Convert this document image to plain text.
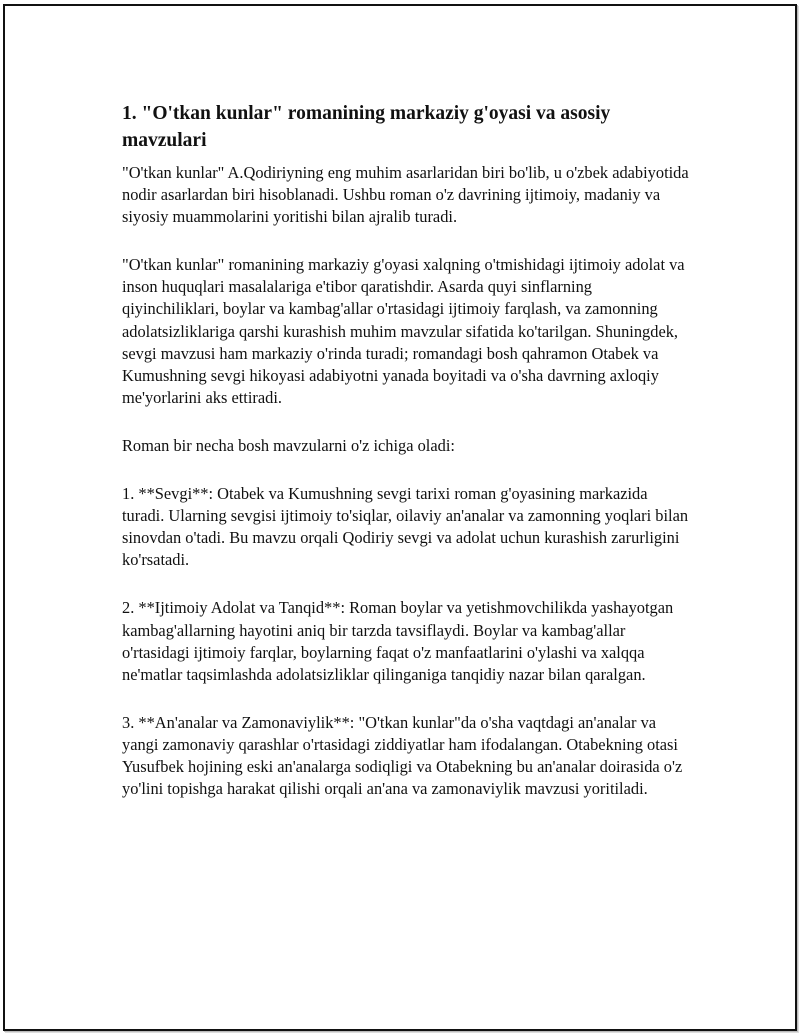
1. "O'tkan kunlar" romanining markaziy g'oyasi va asosiy mavzulari

"O'tkan kunlar" A.Qodiriyning eng muhim asarlaridan biri bo'lib, u o'zbek adabiyotida nodir asarlardan biri hisoblanadi. Ushbu roman o'z davrining ijtimoiy, madaniy va siyosiy muammolarini yoritishi bilan ajralib turadi.

"O'tkan kunlar" romanining markaziy g'oyasi xalqning o'tmishidagi ijtimoiy adolat va inson huquqlari masalalariga e'tibor qaratishdir. Asarda quyi sinflarning qiyinchiliklari, boylar va kambag'allar o'rtasidagi ijtimoiy farqlash, va zamonning adolatsizliklariga qarshi kurashish muhim mavzular sifatida ko'tarilgan. Shuningdek, sevgi mavzusi ham markaziy o'rinda turadi; romandagi bosh qahramon Otabek va Kumushning sevgi hikoyasi adabiyotni yanada boyitadi va o'sha davrning axloqiy me'yorlarini aks ettiradi.

Roman bir necha bosh mavzularni o'z ichiga oladi:

1. **Sevgi**: Otabek va Kumushning sevgi tarixi roman g'oyasining markazida turadi. Ularning sevgisi ijtimoiy to'siqlar, oilaviy an'analar va zamonning yoqlari bilan sinovdan o'tadi. Bu mavzu orqali Qodiriy sevgi va adolat uchun kurashish zarurligini ko'rsatadi.

2. **Ijtimoiy Adolat va Tanqid**: Roman boylar va yetishmovchilikda yashayotgan kambag'allarning hayotini aniq bir tarzda tavsiflaydi. Boylar va kambag'allar o'rtasidagi ijtimoiy farqlar, boylarning faqat o'z manfaatlarini o'ylashi va xalqqa ne'matlar taqsimlashda adolatsizliklar qilinganiga tanqidiy nazar bilan qaralgan.

3. **An'analar va Zamonaviylik**: "O'tkan kunlar"da o'sha vaqtdagi an'analar va yangi zamonaviy qarashlar o'rtasidagi ziddiyatlar ham ifodalangan. Otabekning otasi Yusufbek hojining eski an'analarga sodiqligi va Otabekning bu an'analar doirasida o'z yo'lini topishga harakat qilishi orqali an'ana va zamonaviylik mavzusi yoritiladi.
